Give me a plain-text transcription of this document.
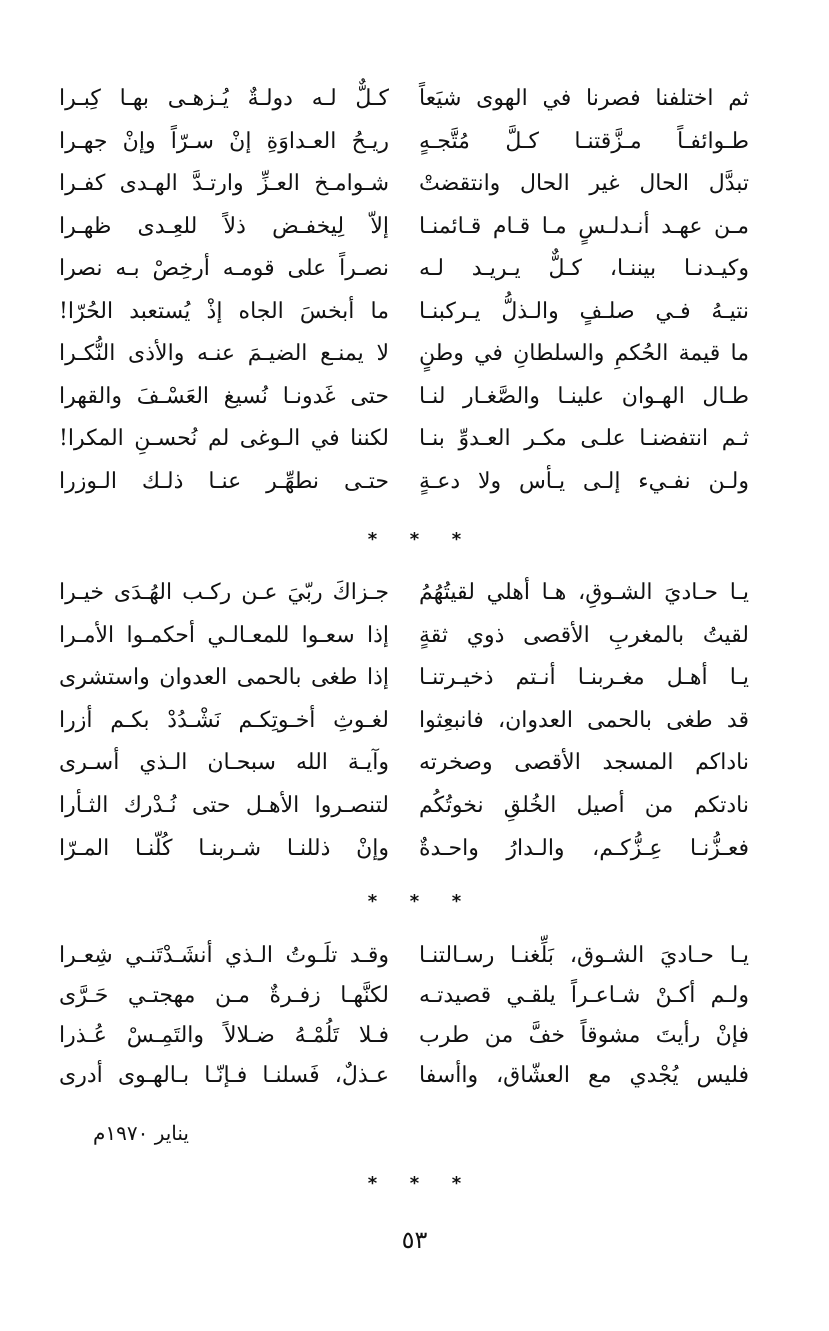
ثم اختلفنا فصرنا في الهوى شيَعاً
كـلٌّ لـه دولـةٌ يُـزهـى بهـا كِبـرا
طـوائفـاً مـزَّقتنـا كـلَّ مُتَّجـهٍ
ريـحُ العـداوَةِ إنْ سـرّاً وإنْ جهـرا
تبدَّل الحال غير الحال وانتقضتْ
شـوامـخ العـزِّ وارتـدَّ الهـدى كفـرا
مـن عهـد أنـدلـسٍ مـا قـام قـائمنـا
إلاّ لِيخفـض ذلاً للعِـدى ظهـرا
وكيـدنـا بيننـا، كـلٌّ يـريـد لـه
نصـراً على قومـه أرخِصْ بـه نصرا
نتيـهُ فـي صلـفٍ والـذلُّ يـركبنـا
ما أبخسَ الجاه إذْ يُستعبد الحُرّا!
ما قيمة الحُكمِ والسلطانِ في وطنٍ
لا يمنـع الضيـمَ عنـه والأذى النُّكـرا
طـال الهـوان علينـا والصَّغـار لنـا
حتى غَدونـا نُسيغ العَسْـفَ والقهرا
ثـم انتفضنـا علـى مكـر العـدوِّ بنـا
لكننا في الـوغى لم نُحسـنِ المكرا!
ولـن نفـيء إلـى يـأس ولا دعـةٍ
حتـى نطهِّـر عنـا ذلـك الـوزرا
*	*	*
يـا حـاديَ الشـوقِ، هـا أهلي لقيتُهُمُ
جـزاكَ ربّيَ عـن ركـب الهُـدَى خيـرا
لقيتُ بالمغربِ الأقصى ذوي ثقةٍ
إذا سعـوا للمعـالـي أحكمـوا الأمـرا
يـا أهـل مغـربنـا أنـتم ذخيـرتنـا
إذا طغى بالحمى العدوان واستشرى
قد طغى بالحمى العدوان، فانبعِثوا
لغـوثِ أخـوتِكـم نَشْـدُدْ بكـم أزرا
ناداكم المسجد الأقصى وصخرته
وآيـة الله سبحـان الـذي أسـرى
نادتكم من أصيل الخُلقِ نخوتُكُم
لتنصـروا الأهـل حتى نُـدْرك الثـأرا
فعـزُّنـا عِـزُّكـم، والـدارُ واحـدةٌ
وإنْ ذللنـا شـربنـا كُلّنـا المـرّا
*	*	*
يـا حـاديَ الشـوق، بَلِّغنـا رسـالتنـا
وقـد تلَـوتُ الـذي أنشَـدْتَنـي شِعـرا
ولـم أكـنْ شـاعـراً يلقـي قصيدتـه
لكنَّهـا زفـرةٌ مـن مهجتـي حَـرَّى
فإنْ رأيتَ مشوقاً خفَّ من طرب
فـلا تَلُمْـهُ ضـلالاً والتَمِـسْ عُـذرا
فليس يُجْدي مع العشّاق، واأسفا
عـذلٌ، فَسلنـا فـإنّـا بـالهـوى أدرى
يناير ١٩٧٠م
*	*	*
٥٣
